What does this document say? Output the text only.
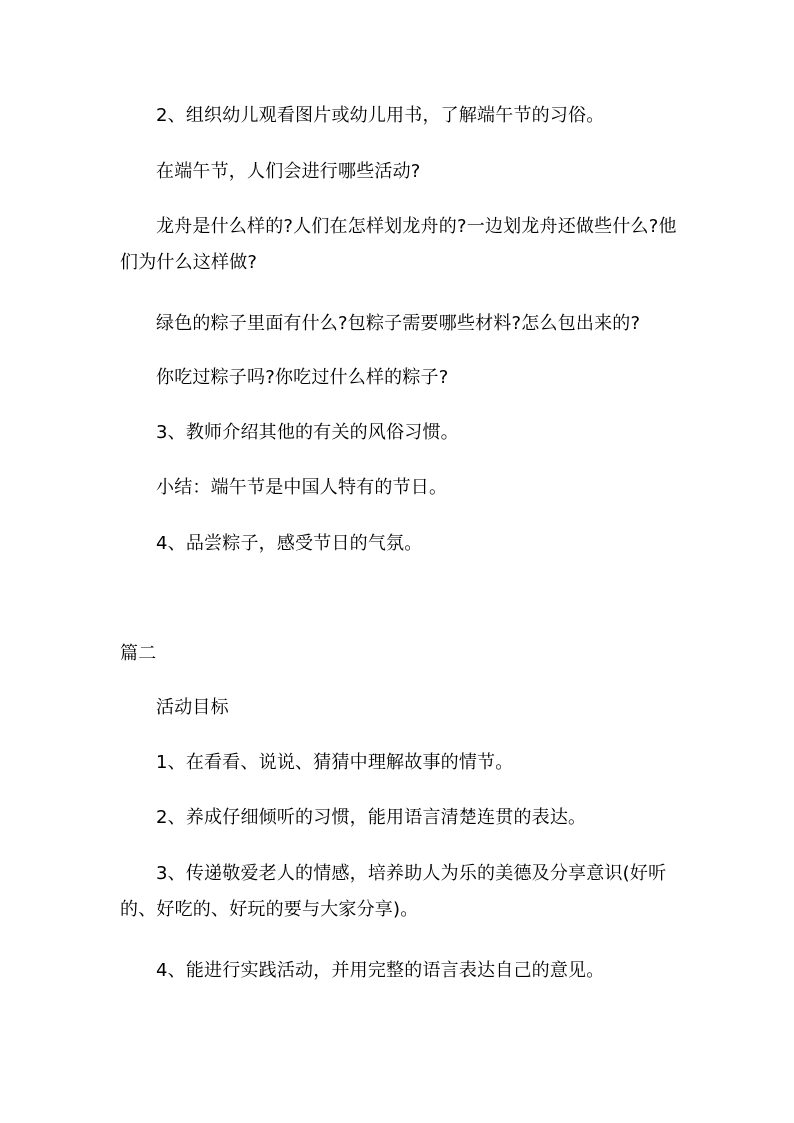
2、组织幼儿观看图片或幼儿用书，了解端午节的习俗。
在端午节，人们会进行哪些活动?
龙舟是什么样的?人们在怎样划龙舟的?一边划龙舟还做些什么?他们为什么这样做?
绿色的粽子里面有什么?包粽子需要哪些材料?怎么包出来的?
你吃过粽子吗?你吃过什么样的粽子?
3、教师介绍其他的有关的风俗习惯。
小结：端午节是中国人特有的节日。
4、品尝粽子，感受节日的气氛。
篇二
活动目标
1、在看看、说说、猜猜中理解故事的情节。
2、养成仔细倾听的习惯，能用语言清楚连贯的表达。
3、传递敬爱老人的情感，培养助人为乐的美德及分享意识(好听的、好吃的、好玩的要与大家分享)。
4、能进行实践活动，并用完整的语言表达自己的意见。
